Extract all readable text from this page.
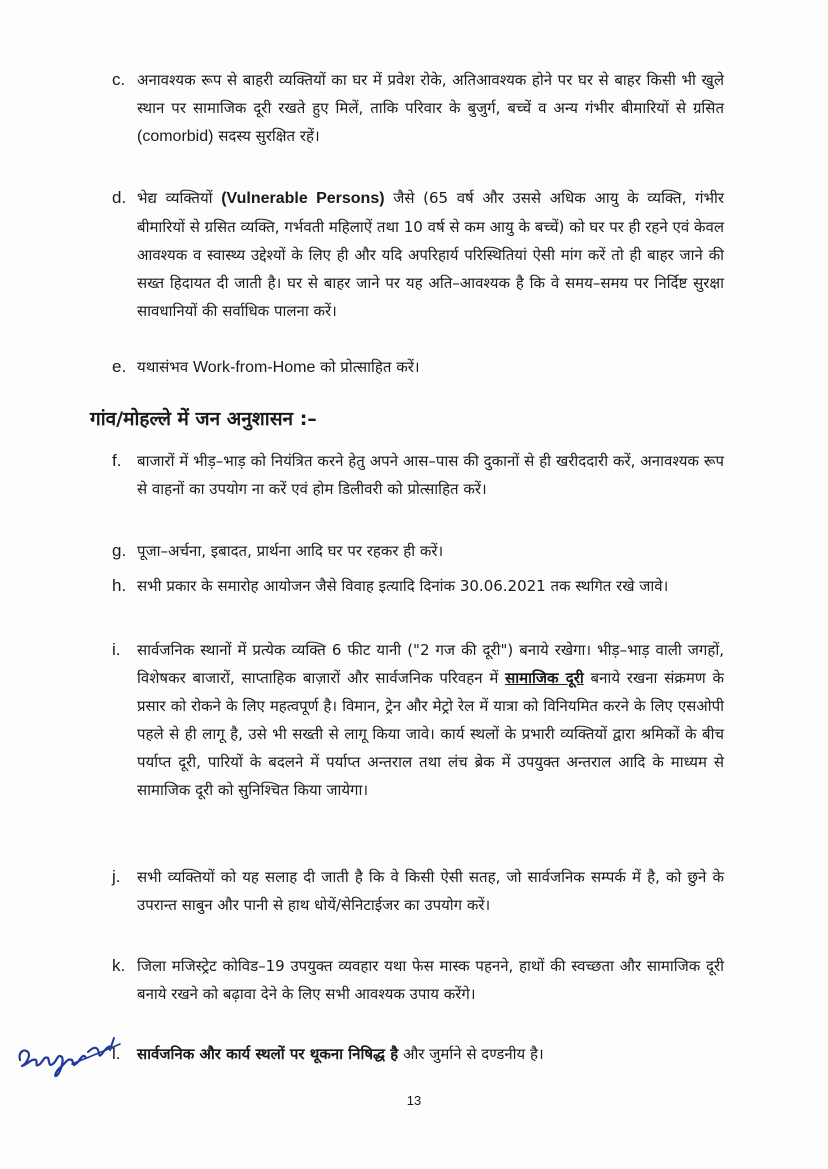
c. अनावश्यक रूप से बाहरी व्यक्तियों का घर में प्रवेश रोके, अतिआवश्यक होने पर घर से बाहर किसी भी खुले स्थान पर सामाजिक दूरी रखते हुए मिलें, ताकि परिवार के बुजुर्ग, बच्चें व अन्य गंभीर बीमारियों से ग्रसित (comorbid) सदस्य सुरक्षित रहें।
d. भेद्य व्यक्तियों (Vulnerable Persons) जैसे (65 वर्ष और उससे अधिक आयु के व्यक्ति, गंभीर बीमारियों से ग्रसित व्यक्ति, गर्भवती महिलाऐं तथा 10 वर्ष से कम आयु के बच्चें) को घर पर ही रहने एवं केवल आवश्यक व स्वास्थ्य उद्देश्यों के लिए ही और यदि अपरिहार्य परिस्थितियां ऐसी मांग करें तो ही बाहर जाने की सख्त हिदायत दी जाती है। घर से बाहर जाने पर यह अति–आवश्यक है कि वे समय–समय पर निर्दिष्ट सुरक्षा सावधानियों की सर्वाधिक पालना करें।
e. यथासंभव Work-from-Home को प्रोत्साहित करें।
गांव/मोहल्ले में जन अनुशासन :–
f.	बाजारों में भीड़–भाड़ को नियंत्रित करने हेतु अपने आस–पास की दुकानों से ही खरीददारी करें, अनावश्यक रूप से वाहनों का उपयोग ना करें एवं होम डिलीवरी को प्रोत्साहित करें।
g. पूजा–अर्चना, इबादत, प्रार्थना आदि घर पर रहकर ही करें।
h. सभी प्रकार के समारोह आयोजन जैसे विवाह इत्यादि दिनांक 30.06.2021 तक स्थगित रखे जावे।
i.	सार्वजनिक स्थानों में प्रत्येक व्यक्ति 6 फीट यानी ("2 गज की दूरी") बनाये रखेगा। भीड़–भाड़ वाली जगहों, विशेषकर बाजारों, साप्ताहिक बाज़ारों और सार्वजनिक परिवहन में सामाजिक दूरी बनाये रखना संक्रमण के प्रसार को रोकने के लिए महत्वपूर्ण है। विमान, ट्रेन और मेट्रो रेल में यात्रा को विनियमित करने के लिए एसओपी पहले से ही लागू है, उसे भी सख्ती से लागू किया जावे। कार्य स्थलों के प्रभारी व्यक्तियों द्वारा श्रमिकों के बीच पर्याप्त दूरी, पारियों के बदलने में पर्याप्त अन्तराल तथा लंच ब्रेक में उपयुक्त अन्तराल आदि के माध्यम से सामाजिक दूरी को सुनिश्चित किया जायेगा।
j.	सभी व्यक्तियों को यह सलाह दी जाती है कि वे किसी ऐसी सतह, जो सार्वजनिक सम्पर्क में है, को छुने के उपरान्त साबुन और पानी से हाथ धोयें/सेनिटाईजर का उपयोग करें।
k. जिला मजिस्ट्रेट कोविड–19 उपयुक्त व्यवहार यथा फेस मास्क पहनने, हाथों की स्वच्छता और सामाजिक दूरी बनाये रखने को बढ़ावा देने के लिए सभी आवश्यक उपाय करेंगे।
l.	सार्वजनिक और कार्य स्थलों पर थूकना निषिद्ध है और जुर्माने से दण्डनीय है।
13
